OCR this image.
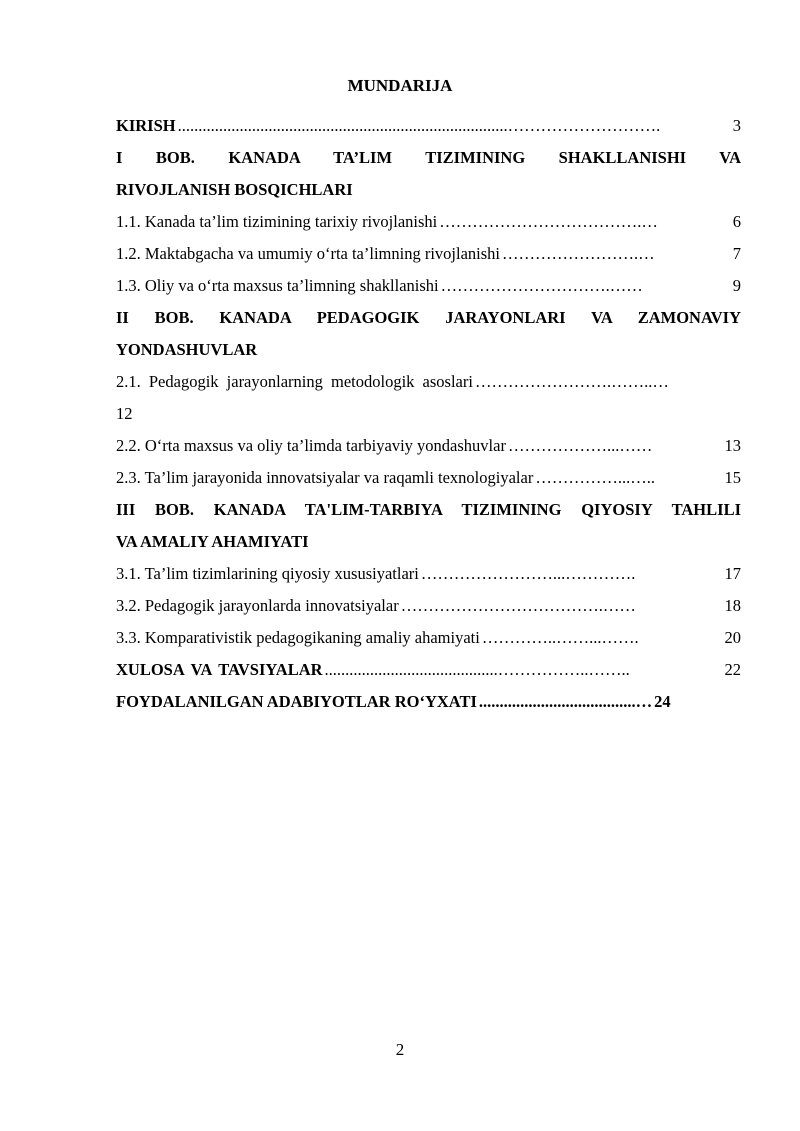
MUNDARIJA
KIRISH ................................................................................……………………….	3
I BOB. KANADA TA’LIM TIZIMINING SHAKLLANISHI VA
RIVOJLANISH BOSQICHLARI
1.1. Kanada ta’lim tizimining tarixiy rivojlanishi ……………………………….…	6
1.2. Maktabgacha va umumiy o‘rta ta’limning rivojlanishi …………………….…	7
1.3. Oliy va o‘rta maxsus ta’limning shakllanishi ………………………….……	9
II BOB. KANADA PEDAGOGIK JARAYONLARI VA ZAMONAVIY
YONDASHUVLAR
2.1. Pedagogik jarayonlarning metodologik asoslari …………………….……..…
12
2.2. O‘rta maxsus va oliy ta’limda tarbiyaviy yondashuvlar ………………...……	13
2.3. Ta’lim jarayonida innovatsiyalar va raqamli texnologiyalar ……………...…..	15
III BOB. KANADA TA'LIM-TARBIYA TIZIMINING QIYOSIY TAHLILI
VA AMALIY AHAMIYATI
3.1. Ta’lim tizimlarining qiyosiy xususiyatlari ……………………...………….	17
3.2. Pedagogik jarayonlarda innovatsiyalar ……………………………….……	18
3.3. Komparativistik pedagogikaning amaliy ahamiyati …………..……...…….	20
XULOSA VA TAVSIYALAR ..........................................……………..……..	22
FOYDALANILGAN ADABIYOTLAR RO‘YXATI ......................................… 24
2
